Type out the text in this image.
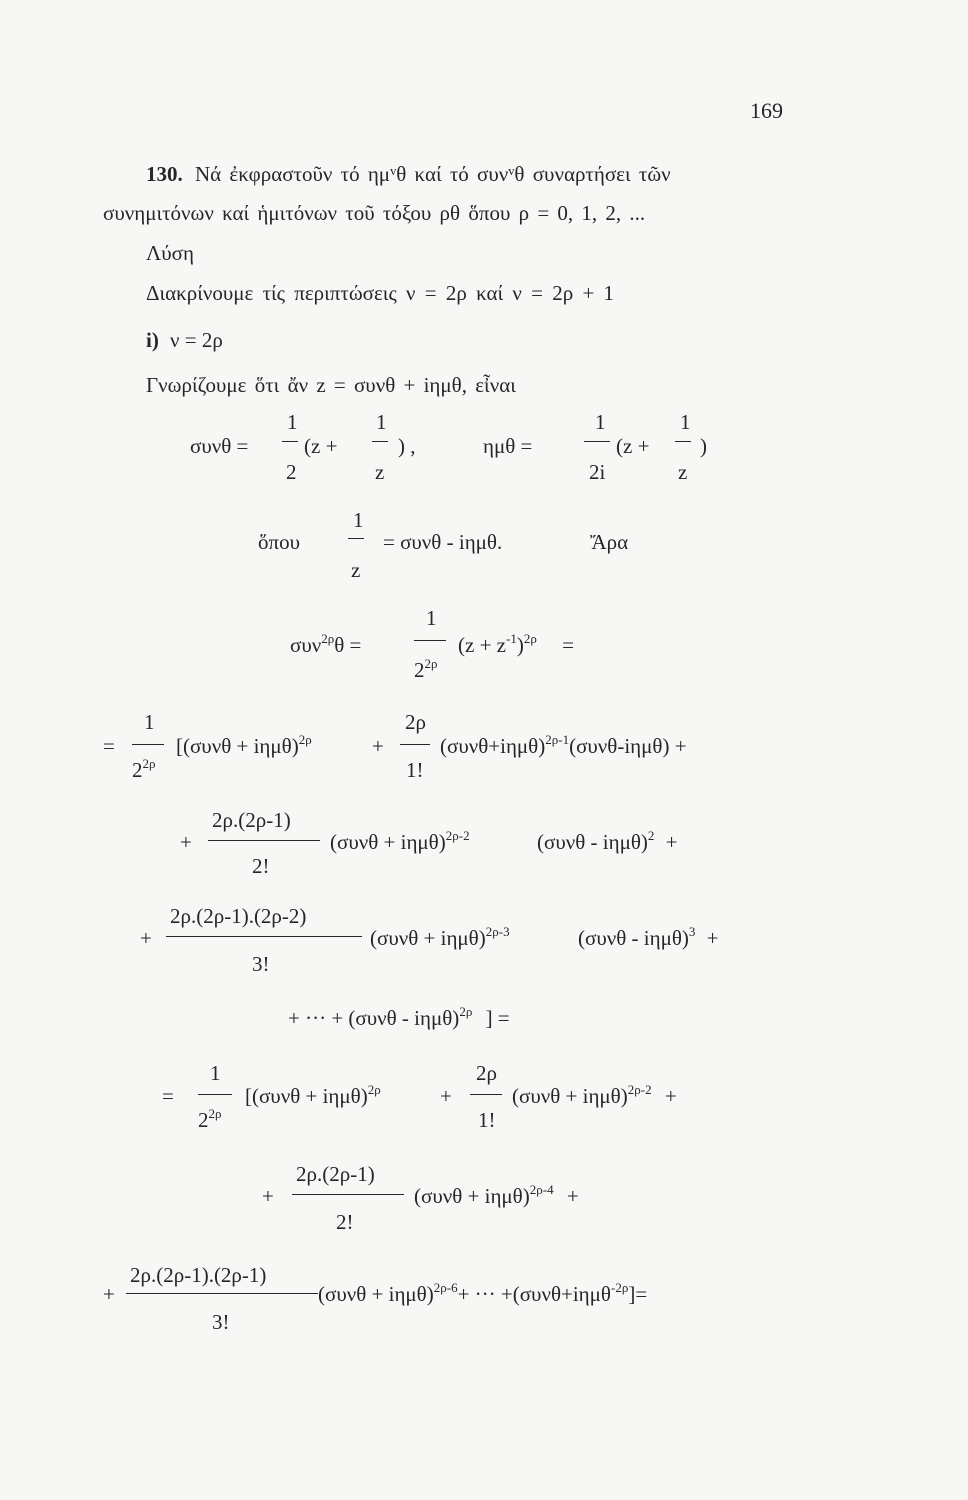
169
130. Νά ἐκφραστοῦν τό ημᵛθ καί τό συνᵛθ συναρτήσει τῶν
συνημιτόνων καί ἡμιτόνων τοῦ τόξου ρθ ὅπου ρ = 0, 1, 2, ...
Λύση
Διακρίνουμε τίς περιπτώσεις ν = 2ρ καί ν = 2ρ + 1
i) ν = 2ρ
Γνωρίζουμε ὅτι ἄν z = συνθ + iημθ, εἶναι
συνθ =
1
2
(z +
1
z
) ,	ημθ =
1
2i
(z +
1
z
)
ὅπου
1
z
= συνθ - iημθ.	Ἄρα
συν$^{2\rho}$θ =
1
$2^{2\rho}$
$(z + z^{-1})^{2\rho}$ =
=
1
$2^{2\rho}$
[$(\sigma\upsilon\nu\theta + i\eta\mu\theta)^{2\rho}$	+
2ρ
1!
$(\sigma\upsilon\nu\theta+i\eta\mu\theta)^{2\rho-1}(\sigma\upsilon\nu\theta-i\eta\mu\theta)$ +
+
2ρ.(2ρ-1)
2!
$(\sigma\upsilon\nu\theta + i\eta\mu\theta)^{2\rho-2}$	(συνθ - iημθ)$^2$ +
+
2ρ.(2ρ-1).(2ρ-2)
3!
$(\sigma\upsilon\nu\theta + i\eta\mu\theta)^{2\rho-3}$	(συνθ - iημθ)$^3$ +
+ ··· + (συνθ - iημθ)$^{2\rho}$ ] =
=
1
$2^{2\rho}$
[$(\sigma\upsilon\nu\theta + i\eta\mu\theta)^{2\rho}$	+
2ρ
1!
$(\sigma\upsilon\nu\theta + i\eta\mu\theta)^{2\rho-2}$ +
+
2ρ.(2ρ-1)
2!
$(\sigma\upsilon\nu\theta + i\eta\mu\theta)^{2\rho-4}$ +
+
2ρ.(2ρ-1).(2ρ-1)
3!
$(\sigma\upsilon\nu\theta + i\eta\mu\theta)^{2\rho-6}+$ ··· +(συνθ+iημθ$^{-2\rho}$]=
